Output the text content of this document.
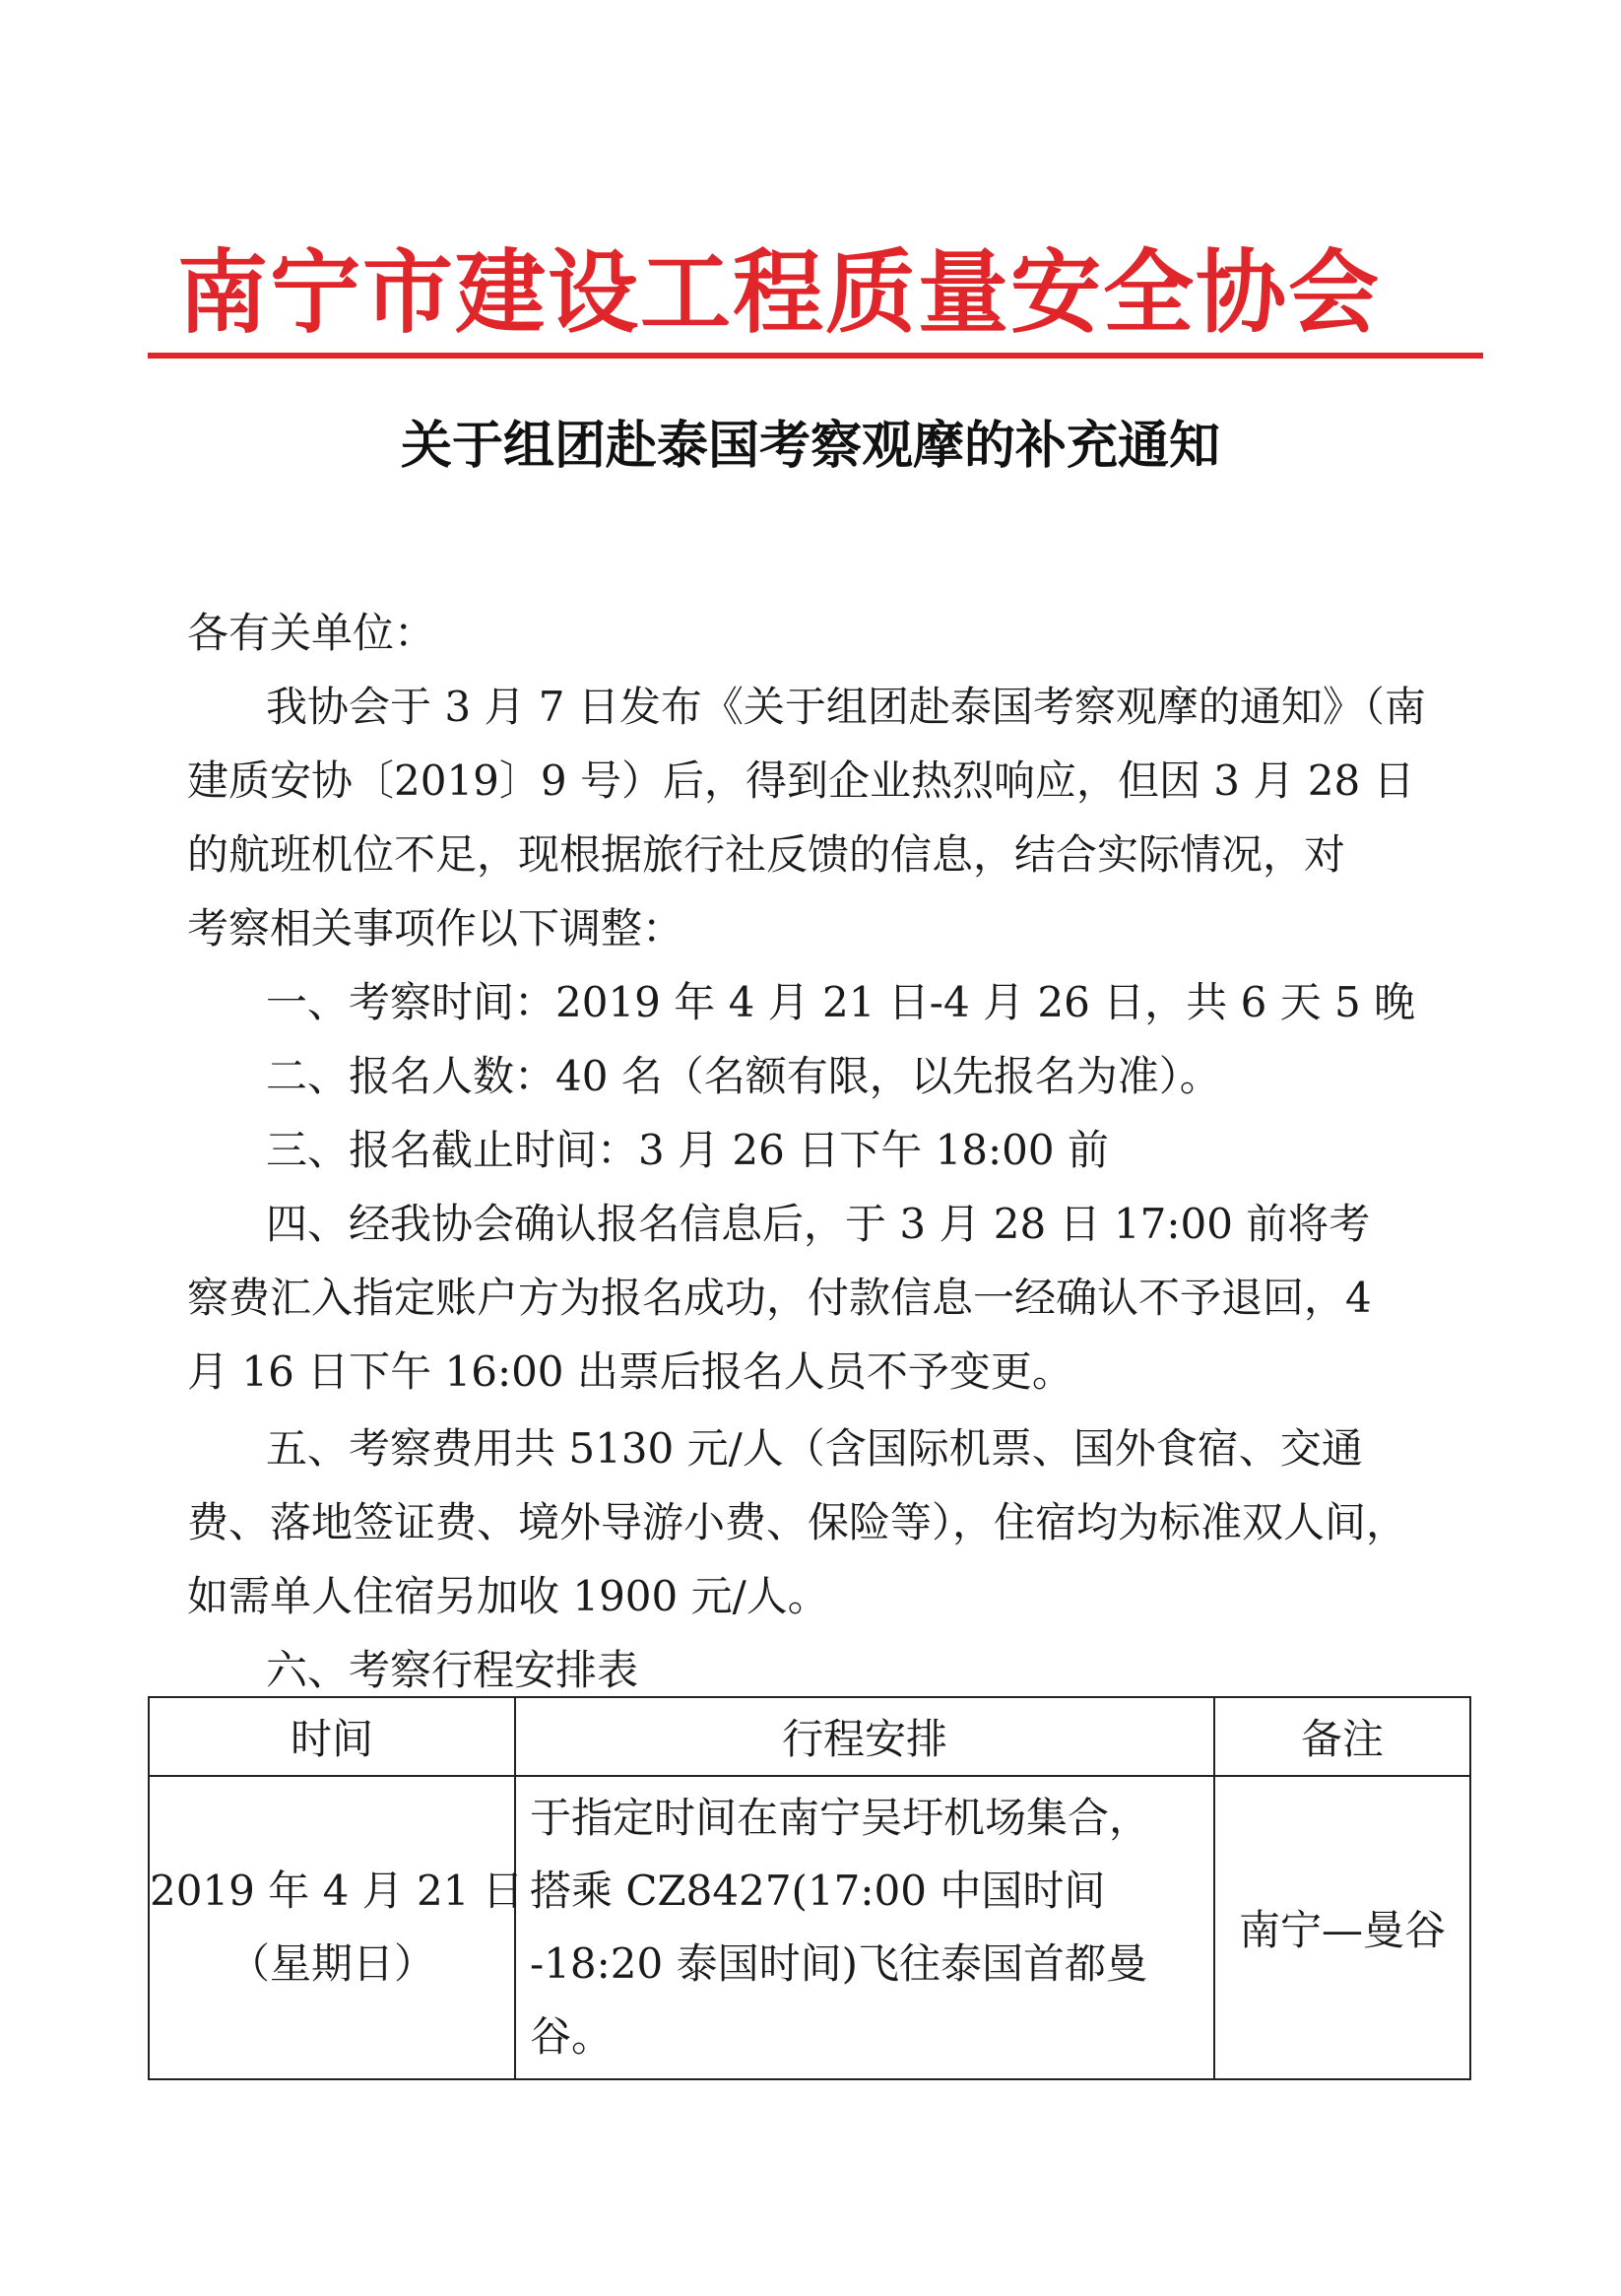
南宁市建设工程质量安全协会
关于组团赴泰国考察观摩的补充通知

各有关单位：

我协会于 3 月 7 日发布《关于组团赴泰国考察观摩的通知》（南

建质安协〔2019〕9 号）后，得到企业热烈响应，但因 3 月 28 日

的航班机位不足，现根据旅行社反馈的信息，结合实际情况，对

考察相关事项作以下调整：

一、考察时间：2019 年 4 月 21 日-4 月 26 日，共 6 天 5 晚

二、报名人数：40 名（名额有限，以先报名为准）。

三、报名截止时间：3 月 26 日下午 18:00 前

四、经我协会确认报名信息后，于 3 月 28 日 17:00 前将考

察费汇入指定账户方为报名成功，付款信息一经确认不予退回，4

月 16 日下午 16:00 出票后报名人员不予变更。

五、考察费用共 5130 元/人（含国际机票、国外食宿、交通

费、落地签证费、境外导游小费、保险等），住宿均为标准双人间，

如需单人住宿另加收 1900 元/人。

六、考察行程安排表

时间	行程安排	备注

2019 年 4 月 21 日
（星期日）	于指定时间在南宁吴圩机场集合，
搭乘 CZ8427(17:00 中国时间
-18:20 泰国时间)飞往泰国首都曼
谷。	南宁—曼谷
